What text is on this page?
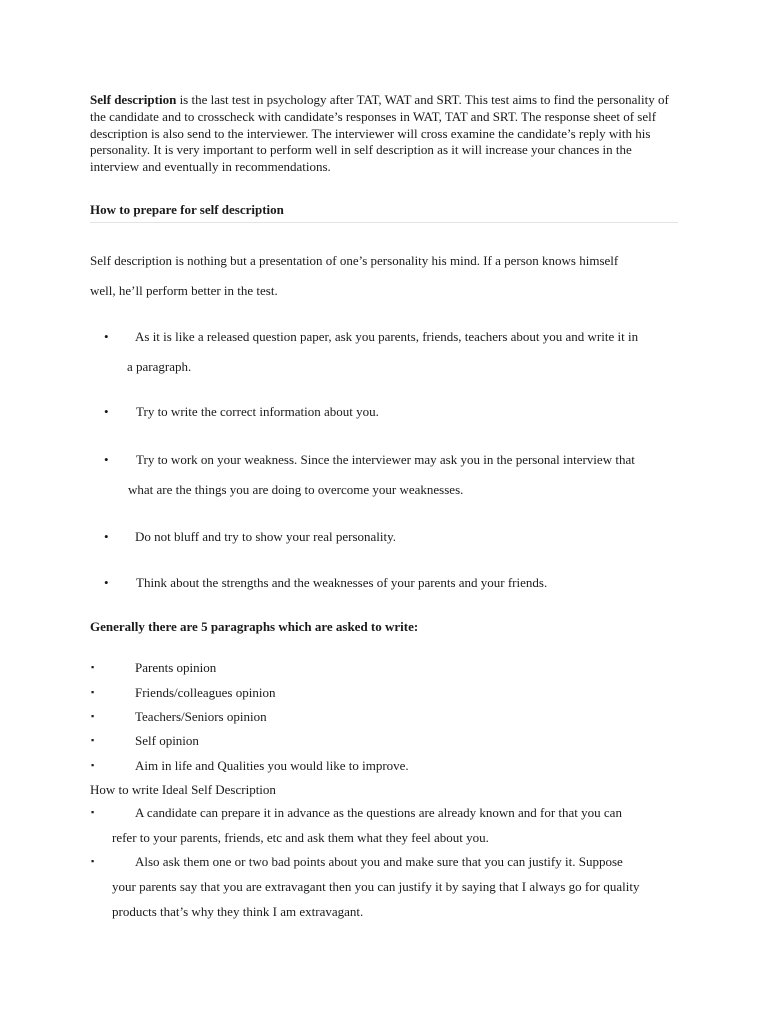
Self description is the last test in psychology after TAT, WAT and SRT. This test aims to find the personality of the candidate and to crosscheck with candidate’s responses in WAT, TAT and SRT. The response sheet of self description is also send to the interviewer. The interviewer will cross examine the candidate’s reply with his personality. It is very important to perform well in self description as it will increase your chances in the interview and eventually in recommendations.
How to prepare for self description
Self description is nothing but a presentation of one’s personality his mind. If a person knows himself
well, he’ll perform better in the test.
• As it is like a released question paper, ask you parents, friends, teachers about you and write it in
a paragraph.
• Try to write the correct information about you.
• Try to work on your weakness. Since the interviewer may ask you in the personal interview that
what are the things you are doing to overcome your weaknesses.
• Do not bluff and try to show your real personality.
• Think about the strengths and the weaknesses of your parents and your friends.
Generally there are 5 paragraphs which are asked to write:
▪	Parents opinion
▪	Friends/colleagues opinion
▪	Teachers/Seniors opinion
▪	Self opinion
▪	Aim in life and Qualities you would like to improve.
How to write Ideal Self Description
▪	A candidate can prepare it in advance as the questions are already known and for that you can
refer to your parents, friends, etc and ask them what they feel about you.
▪	Also ask them one or two bad points about you and make sure that you can justify it. Suppose
your parents say that you are extravagant then you can justify it by saying that I always go for quality
products that’s why they think I am extravagant.
